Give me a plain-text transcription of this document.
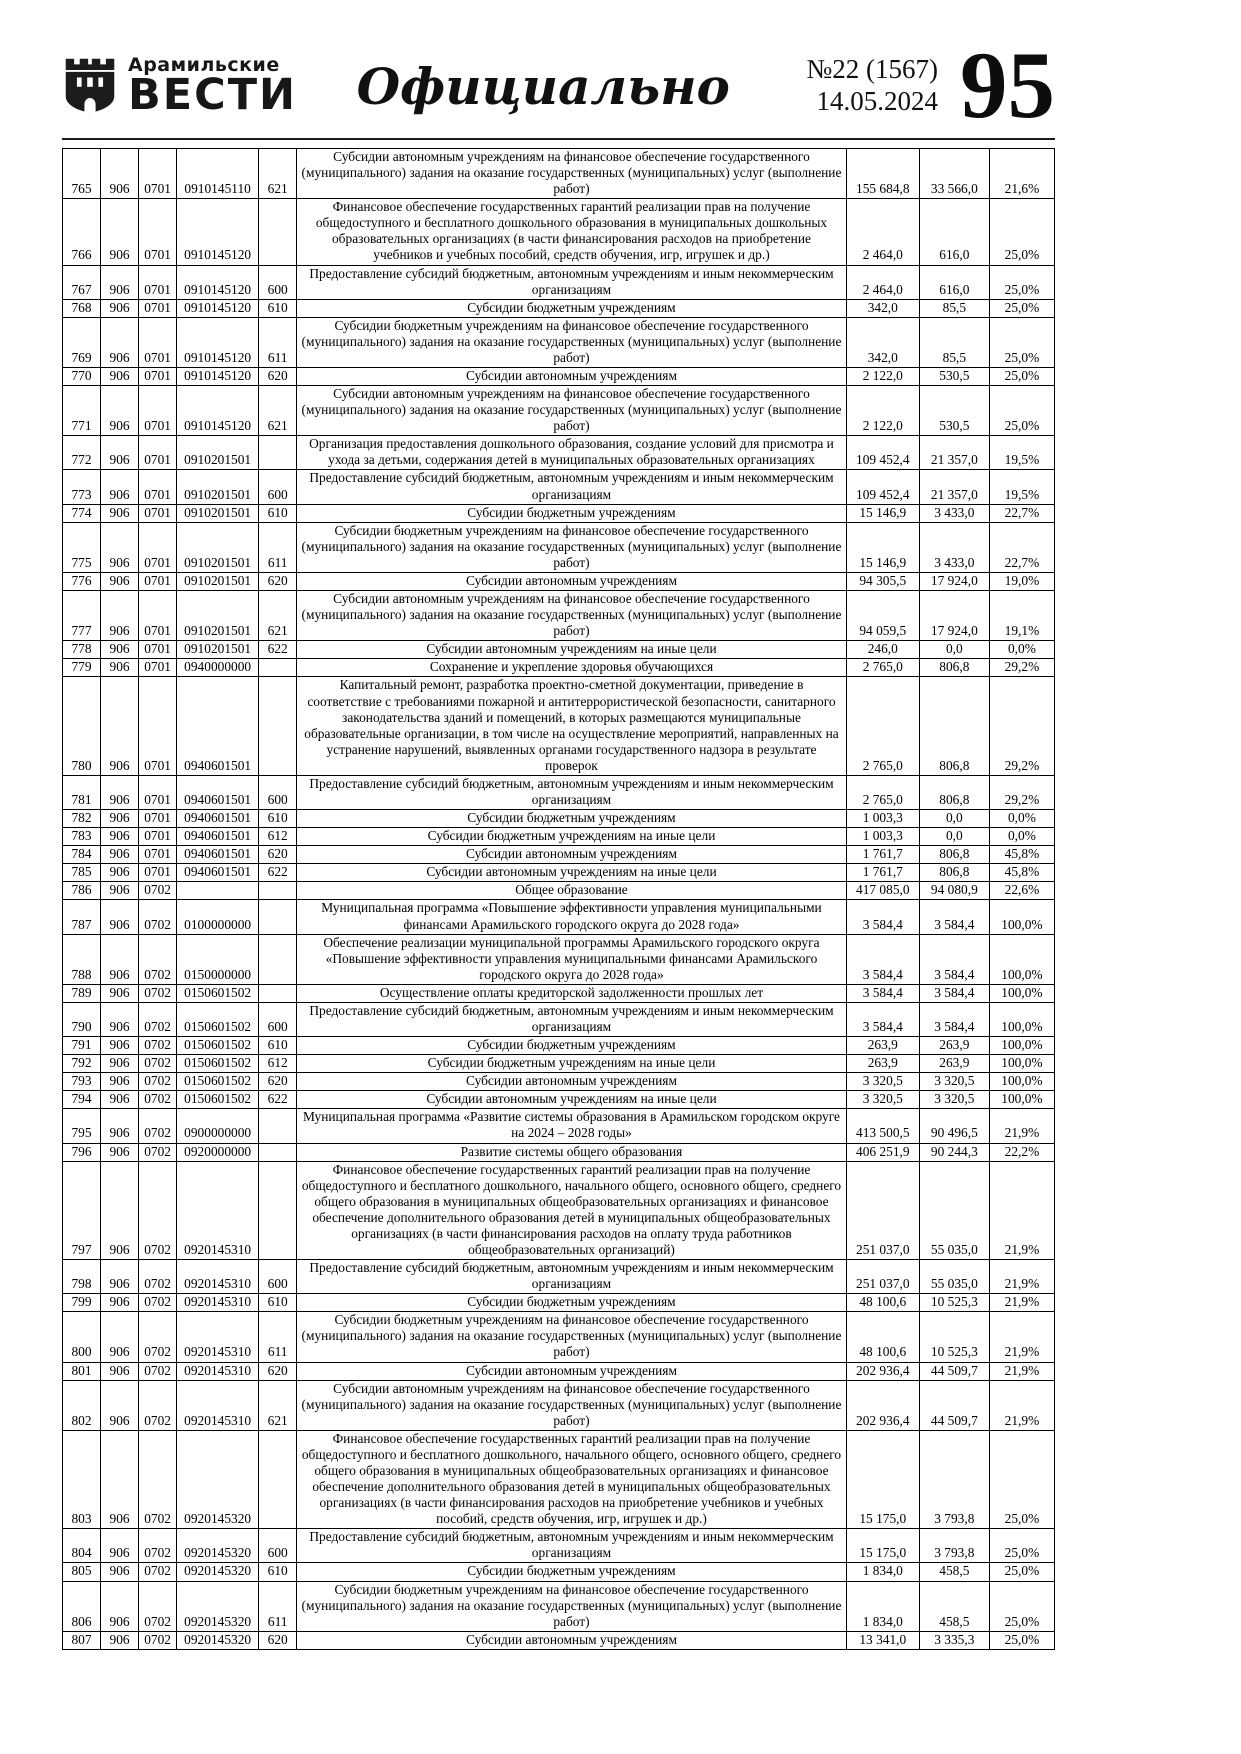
Арамильские
ВЕСТИ	Официально	№22 (1567)
14.05.2024 95
765	906	0701	0910145110	621	Субсидии автономным учреждениям на финансовое обеспечение государственного (муниципального) задания на оказание государственных (муниципальных) услуг (выполнение работ)	155 684,8	33 566,0	21,6%
766	906	0701	0910145120		Финансовое обеспечение государственных гарантий реализации прав на получение общедоступного и бесплатного дошкольного образования в муниципальных дошкольных образовательных организациях (в части финансирования расходов на приобретение учебников и учебных пособий, средств обучения, игр, игрушек и др.)	2 464,0	616,0	25,0%
767	906	0701	0910145120	600	Предоставление субсидий бюджетным, автономным учреждениям и иным некоммерческим организациям	2 464,0	616,0	25,0%
768	906	0701	0910145120	610	Субсидии бюджетным учреждениям	342,0	85,5	25,0%
769	906	0701	0910145120	611	Субсидии бюджетным учреждениям на финансовое обеспечение государственного (муниципального) задания на оказание государственных (муниципальных) услуг (выполнение работ)	342,0	85,5	25,0%
770	906	0701	0910145120	620	Субсидии автономным учреждениям	2 122,0	530,5	25,0%
771	906	0701	0910145120	621	Субсидии автономным учреждениям на финансовое обеспечение государственного (муниципального) задания на оказание государственных (муниципальных) услуг (выполнение работ)	2 122,0	530,5	25,0%
772	906	0701	0910201501		Организация предоставления дошкольного образования, создание условий для присмотра и ухода за детьми, содержания детей в муниципальных образовательных организациях	109 452,4	21 357,0	19,5%
773	906	0701	0910201501	600	Предоставление субсидий бюджетным, автономным учреждениям и иным некоммерческим организациям	109 452,4	21 357,0	19,5%
774	906	0701	0910201501	610	Субсидии бюджетным учреждениям	15 146,9	3 433,0	22,7%
775	906	0701	0910201501	611	Субсидии бюджетным учреждениям на финансовое обеспечение государственного (муниципального) задания на оказание государственных (муниципальных) услуг (выполнение работ)	15 146,9	3 433,0	22,7%
776	906	0701	0910201501	620	Субсидии автономным учреждениям	94 305,5	17 924,0	19,0%
777	906	0701	0910201501	621	Субсидии автономным учреждениям на финансовое обеспечение государственного (муниципального) задания на оказание государственных (муниципальных) услуг (выполнение работ)	94 059,5	17 924,0	19,1%
778	906	0701	0910201501	622	Субсидии автономным учреждениям на иные цели	246,0	0,0	0,0%
779	906	0701	0940000000		Сохранение и укрепление здоровья обучающихся	2 765,0	806,8	29,2%
780	906	0701	0940601501		Капитальный ремонт, разработка проектно-сметной документации, приведение в соответствие с требованиями пожарной и антитеррористической безопасности, санитарного законодательства зданий и помещений, в которых размещаются муниципальные образовательные организации, в том числе на осуществление мероприятий, направленных на устранение нарушений, выявленных органами государственного надзора в результате проверок	2 765,0	806,8	29,2%
781	906	0701	0940601501	600	Предоставление субсидий бюджетным, автономным учреждениям и иным некоммерческим организациям	2 765,0	806,8	29,2%
782	906	0701	0940601501	610	Субсидии бюджетным учреждениям	1 003,3	0,0	0,0%
783	906	0701	0940601501	612	Субсидии бюджетным учреждениям на иные цели	1 003,3	0,0	0,0%
784	906	0701	0940601501	620	Субсидии автономным учреждениям	1 761,7	806,8	45,8%
785	906	0701	0940601501	622	Субсидии автономным учреждениям на иные цели	1 761,7	806,8	45,8%
786	906	0702			Общее образование	417 085,0	94 080,9	22,6%
787	906	0702	0100000000		Муниципальная программа «Повышение эффективности управления муниципальными финансами Арамильского городского округа до 2028 года»	3 584,4	3 584,4	100,0%
788	906	0702	0150000000		Обеспечение реализации муниципальной программы Арамильского городского округа «Повышение эффективности управления муниципальными финансами Арамильского городского округа до 2028 года»	3 584,4	3 584,4	100,0%
789	906	0702	0150601502		Осуществление оплаты кредиторской задолженности прошлых лет	3 584,4	3 584,4	100,0%
790	906	0702	0150601502	600	Предоставление субсидий бюджетным, автономным учреждениям и иным некоммерческим организациям	3 584,4	3 584,4	100,0%
791	906	0702	0150601502	610	Субсидии бюджетным учреждениям	263,9	263,9	100,0%
792	906	0702	0150601502	612	Субсидии бюджетным учреждениям на иные цели	263,9	263,9	100,0%
793	906	0702	0150601502	620	Субсидии автономным учреждениям	3 320,5	3 320,5	100,0%
794	906	0702	0150601502	622	Субсидии автономным учреждениям на иные цели	3 320,5	3 320,5	100,0%
795	906	0702	0900000000		Муниципальная программа «Развитие системы образования в Арамильском городском округе на 2024 – 2028 годы»	413 500,5	90 496,5	21,9%
796	906	0702	0920000000		Развитие системы общего образования	406 251,9	90 244,3	22,2%
797	906	0702	0920145310		Финансовое обеспечение государственных гарантий реализации прав на получение общедоступного и бесплатного дошкольного, начального общего, основного общего, среднего общего образования в муниципальных общеобразовательных организациях и финансовое обеспечение дополнительного образования детей в муниципальных общеобразовательных организациях (в части финансирования расходов на оплату труда работников общеобразовательных организаций)	251 037,0	55 035,0	21,9%
798	906	0702	0920145310	600	Предоставление субсидий бюджетным, автономным учреждениям и иным некоммерческим организациям	251 037,0	55 035,0	21,9%
799	906	0702	0920145310	610	Субсидии бюджетным учреждениям	48 100,6	10 525,3	21,9%
800	906	0702	0920145310	611	Субсидии бюджетным учреждениям на финансовое обеспечение государственного (муниципального) задания на оказание государственных (муниципальных) услуг (выполнение работ)	48 100,6	10 525,3	21,9%
801	906	0702	0920145310	620	Субсидии автономным учреждениям	202 936,4	44 509,7	21,9%
802	906	0702	0920145310	621	Субсидии автономным учреждениям на финансовое обеспечение государственного (муниципального) задания на оказание государственных (муниципальных) услуг (выполнение работ)	202 936,4	44 509,7	21,9%
803	906	0702	0920145320		Финансовое обеспечение государственных гарантий реализации прав на получение общедоступного и бесплатного дошкольного, начального общего, основного общего, среднего общего образования в муниципальных общеобразовательных организациях и финансовое обеспечение дополнительного образования детей в муниципальных общеобразовательных организациях (в части финансирования расходов на приобретение учебников и учебных пособий, средств обучения, игр, игрушек и др.)	15 175,0	3 793,8	25,0%
804	906	0702	0920145320	600	Предоставление субсидий бюджетным, автономным учреждениям и иным некоммерческим организациям	15 175,0	3 793,8	25,0%
805	906	0702	0920145320	610	Субсидии бюджетным учреждениям	1 834,0	458,5	25,0%
806	906	0702	0920145320	611	Субсидии бюджетным учреждениям на финансовое обеспечение государственного (муниципального) задания на оказание государственных (муниципальных) услуг (выполнение работ)	1 834,0	458,5	25,0%
807	906	0702	0920145320	620	Субсидии автономным учреждениям	13 341,0	3 335,3	25,0%
